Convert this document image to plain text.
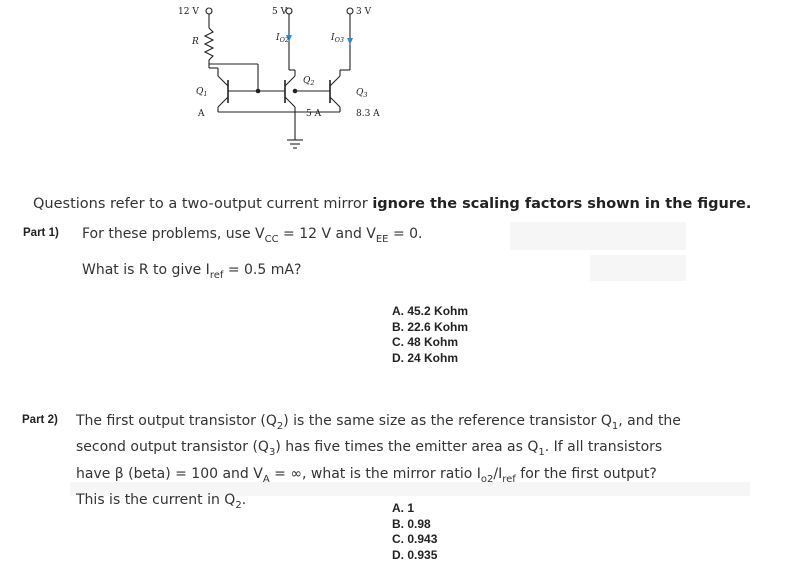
12 V	5 V	3 V
R	$I_{O2}$	$I_{O3}$
$Q_1$
$Q_2$
$Q_3$
A	5 A	8.3 A
Questions refer to a two-output current mirror ignore the scaling factors shown in the figure.
Part 1) For these problems, use $V_{CC} = 12$ V and $V_{EE} = 0$.
What is R to give $I_{ref} = 0.5$ mA?
A. 45.2 Kohm
B. 22.6 Kohm
C. 48 Kohm
D. 24 Kohm
Part 2) The first output transistor $(Q_2)$ is the same size as the reference transistor $Q_1$, and the
second output transistor $(Q_3)$ has five times the emitter area as $Q_1$. If all transistors
have β (beta) = 100 and $V_A$ = ∞, what is the mirror ratio $I_{o2}/I_{ref}$ for the first output?
This is the current in $Q_2$.
A. 1
B. 0.98
C. 0.943
D. 0.935
